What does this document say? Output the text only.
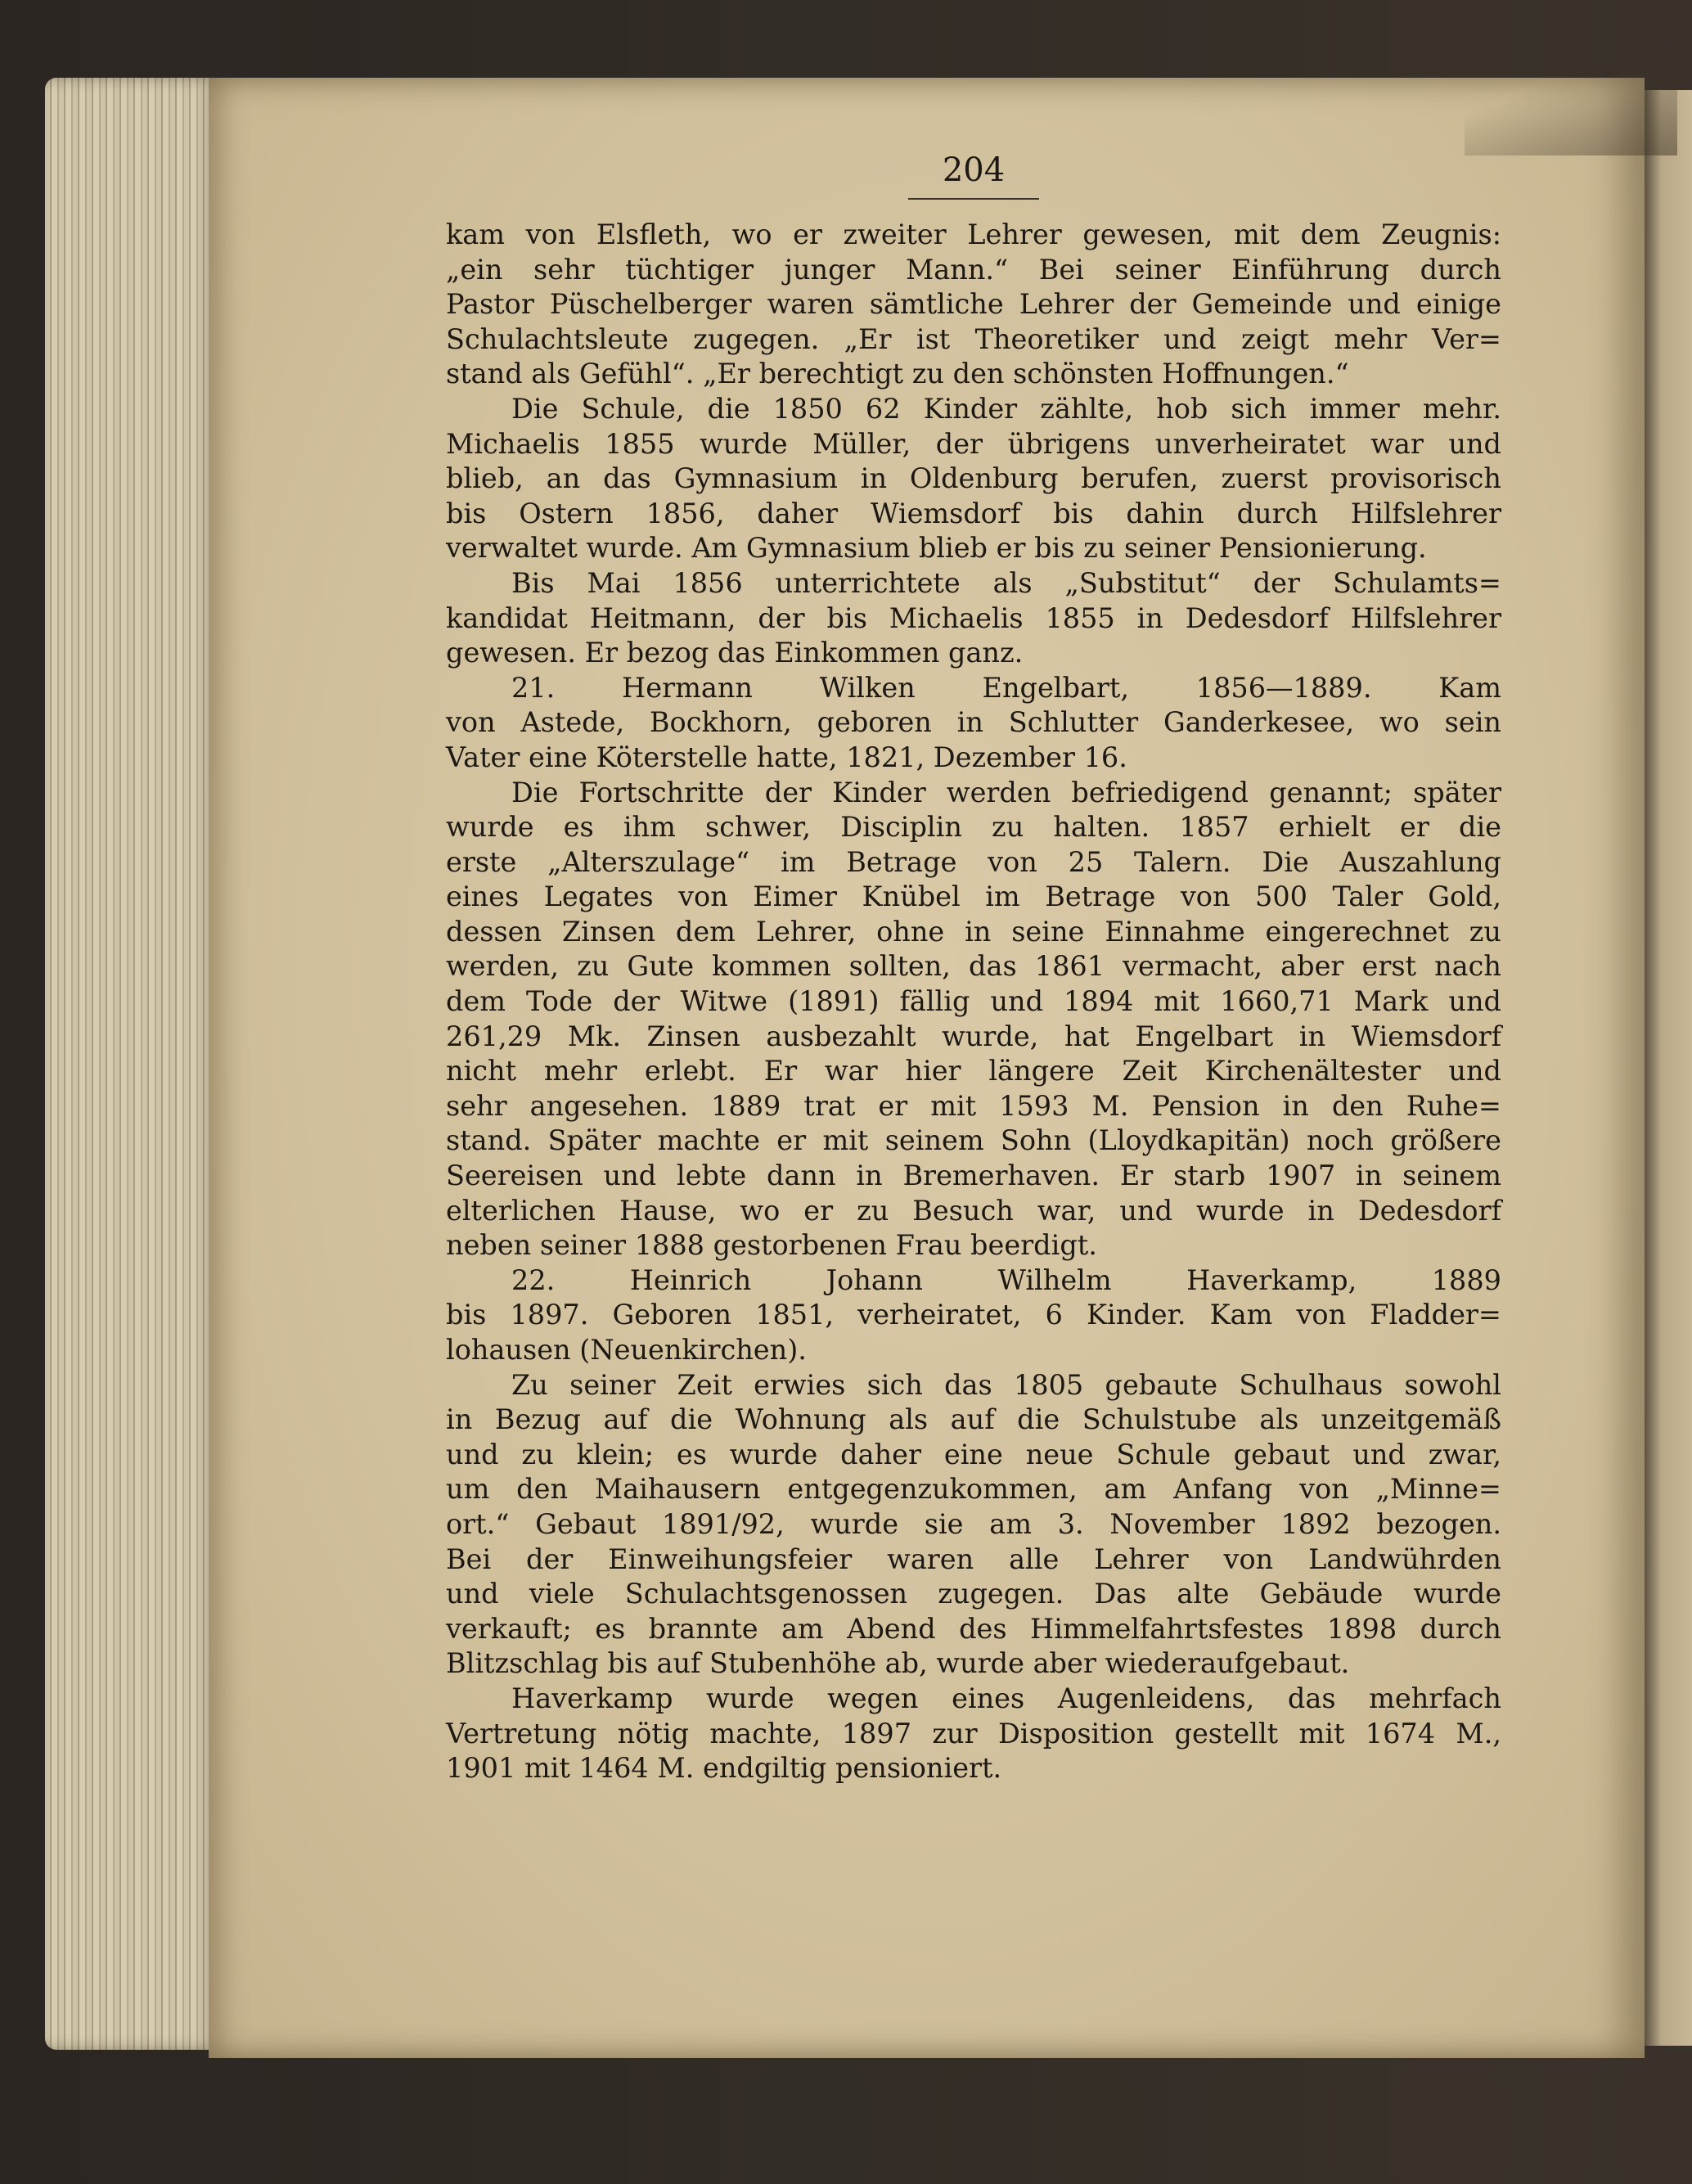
204
kam von Elsfleth, wo er zweiter Lehrer gewesen, mit dem Zeugnis:
„ein sehr tüchtiger junger Mann.“ Bei seiner Einführung durch
Pastor Püschelberger waren sämtliche Lehrer der Gemeinde und einige
Schulachtsleute zugegen. „Er ist Theoretiker und zeigt mehr Ver=
stand als Gefühl“. „Er berechtigt zu den schönsten Hoffnungen.“
Die Schule, die 1850 62 Kinder zählte, hob sich immer mehr.
Michaelis 1855 wurde Müller, der übrigens unverheiratet war und
blieb, an das Gymnasium in Oldenburg berufen, zuerst provisorisch
bis Ostern 1856, daher Wiemsdorf bis dahin durch Hilfslehrer
verwaltet wurde. Am Gymnasium blieb er bis zu seiner Pensionierung.
Bis Mai 1856 unterrichtete als „Substitut“ der Schulamts=
kandidat Heitmann, der bis Michaelis 1855 in Dedesdorf Hilfslehrer
gewesen. Er bezog das Einkommen ganz.
21. Hermann Wilken Engelbart, 1856—1889. Kam
von Astede, Bockhorn, geboren in Schlutter Ganderkesee, wo sein
Vater eine Köterstelle hatte, 1821, Dezember 16.
Die Fortschritte der Kinder werden befriedigend genannt; später
wurde es ihm schwer, Disciplin zu halten. 1857 erhielt er die
erste „Alterszulage“ im Betrage von 25 Talern. Die Auszahlung
eines Legates von Eimer Knübel im Betrage von 500 Taler Gold,
dessen Zinsen dem Lehrer, ohne in seine Einnahme eingerechnet zu
werden, zu Gute kommen sollten, das 1861 vermacht, aber erst nach
dem Tode der Witwe (1891) fällig und 1894 mit 1660,71 Mark und
261,29 Mk. Zinsen ausbezahlt wurde, hat Engelbart in Wiemsdorf
nicht mehr erlebt. Er war hier längere Zeit Kirchenältester und
sehr angesehen. 1889 trat er mit 1593 M. Pension in den Ruhe=
stand. Später machte er mit seinem Sohn (Lloydkapitän) noch größere
Seereisen und lebte dann in Bremerhaven. Er starb 1907 in seinem
elterlichen Hause, wo er zu Besuch war, und wurde in Dedesdorf
neben seiner 1888 gestorbenen Frau beerdigt.
22. Heinrich Johann Wilhelm Haverkamp, 1889
bis 1897. Geboren 1851, verheiratet, 6 Kinder. Kam von Fladder=
lohausen (Neuenkirchen).
Zu seiner Zeit erwies sich das 1805 gebaute Schulhaus sowohl
in Bezug auf die Wohnung als auf die Schulstube als unzeitgemäß
und zu klein; es wurde daher eine neue Schule gebaut und zwar,
um den Maihausern entgegenzukommen, am Anfang von „Minne=
ort.“ Gebaut 1891/92, wurde sie am 3. November 1892 bezogen.
Bei der Einweihungsfeier waren alle Lehrer von Landwührden
und viele Schulachtsgenossen zugegen. Das alte Gebäude wurde
verkauft; es brannte am Abend des Himmelfahrtsfestes 1898 durch
Blitzschlag bis auf Stubenhöhe ab, wurde aber wiederaufgebaut.
Haverkamp wurde wegen eines Augenleidens, das mehrfach
Vertretung nötig machte, 1897 zur Disposition gestellt mit 1674 M.,
1901 mit 1464 M. endgiltig pensioniert.
